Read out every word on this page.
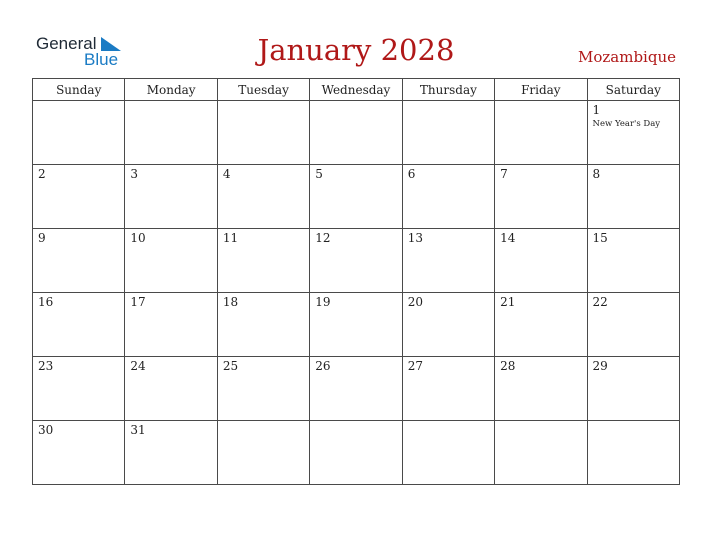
General
Blue	January 2028	Mozambique
Sunday	Monday	Tuesday	Wednesday	Thursday	Friday	Saturday

						1
New Year's Day

2	3	4	5	6	7	8

9	10	11	12	13	14	15

16	17	18	19	20	21	22

23	24	25	26	27	28	29

30	31					
